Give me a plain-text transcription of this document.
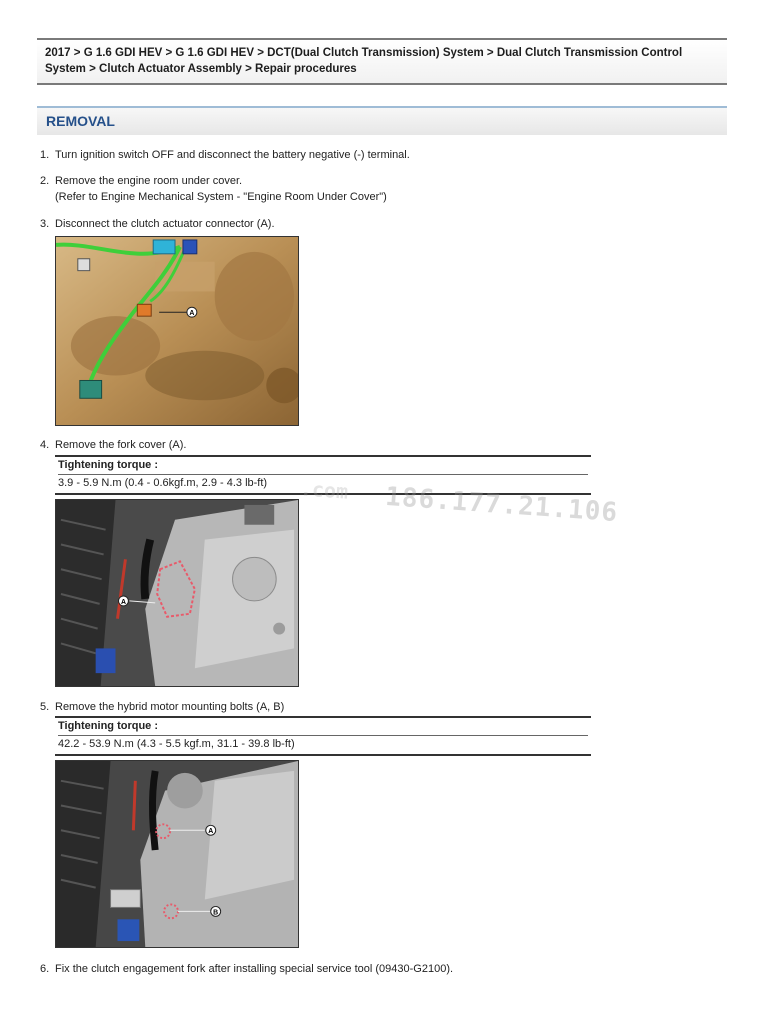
2017 > G 1.6 GDI HEV > G 1.6 GDI HEV > DCT(Dual Clutch Transmission) System > Dual Clutch Transmission Control
System > Clutch Actuator Assembly > Repair procedures
REMOVAL
1. Turn ignition switch OFF and disconnect the battery negative (-) terminal.
2. Remove the engine room under cover.
(Refer to Engine Mechanical System - "Engine Room Under Cover")
3. Disconnect the clutch actuator connector (A).
A
4. Remove the fork cover (A).
Tightening torque :
3.9 - 5.9 N.m (0.4 - 0.6kgf.m, 2.9 - 4.3 lb-ft)
A
5. Remove the hybrid motor mounting bolts (A, B)
Tightening torque :
42.2 - 53.9 N.m (4.3 - 5.5 kgf.m, 31.1 - 39.8 lb-ft)
A
B
6. Fix the clutch engagement fork after installing special service tool (09430-G2100).
.com 186.177.21.106
